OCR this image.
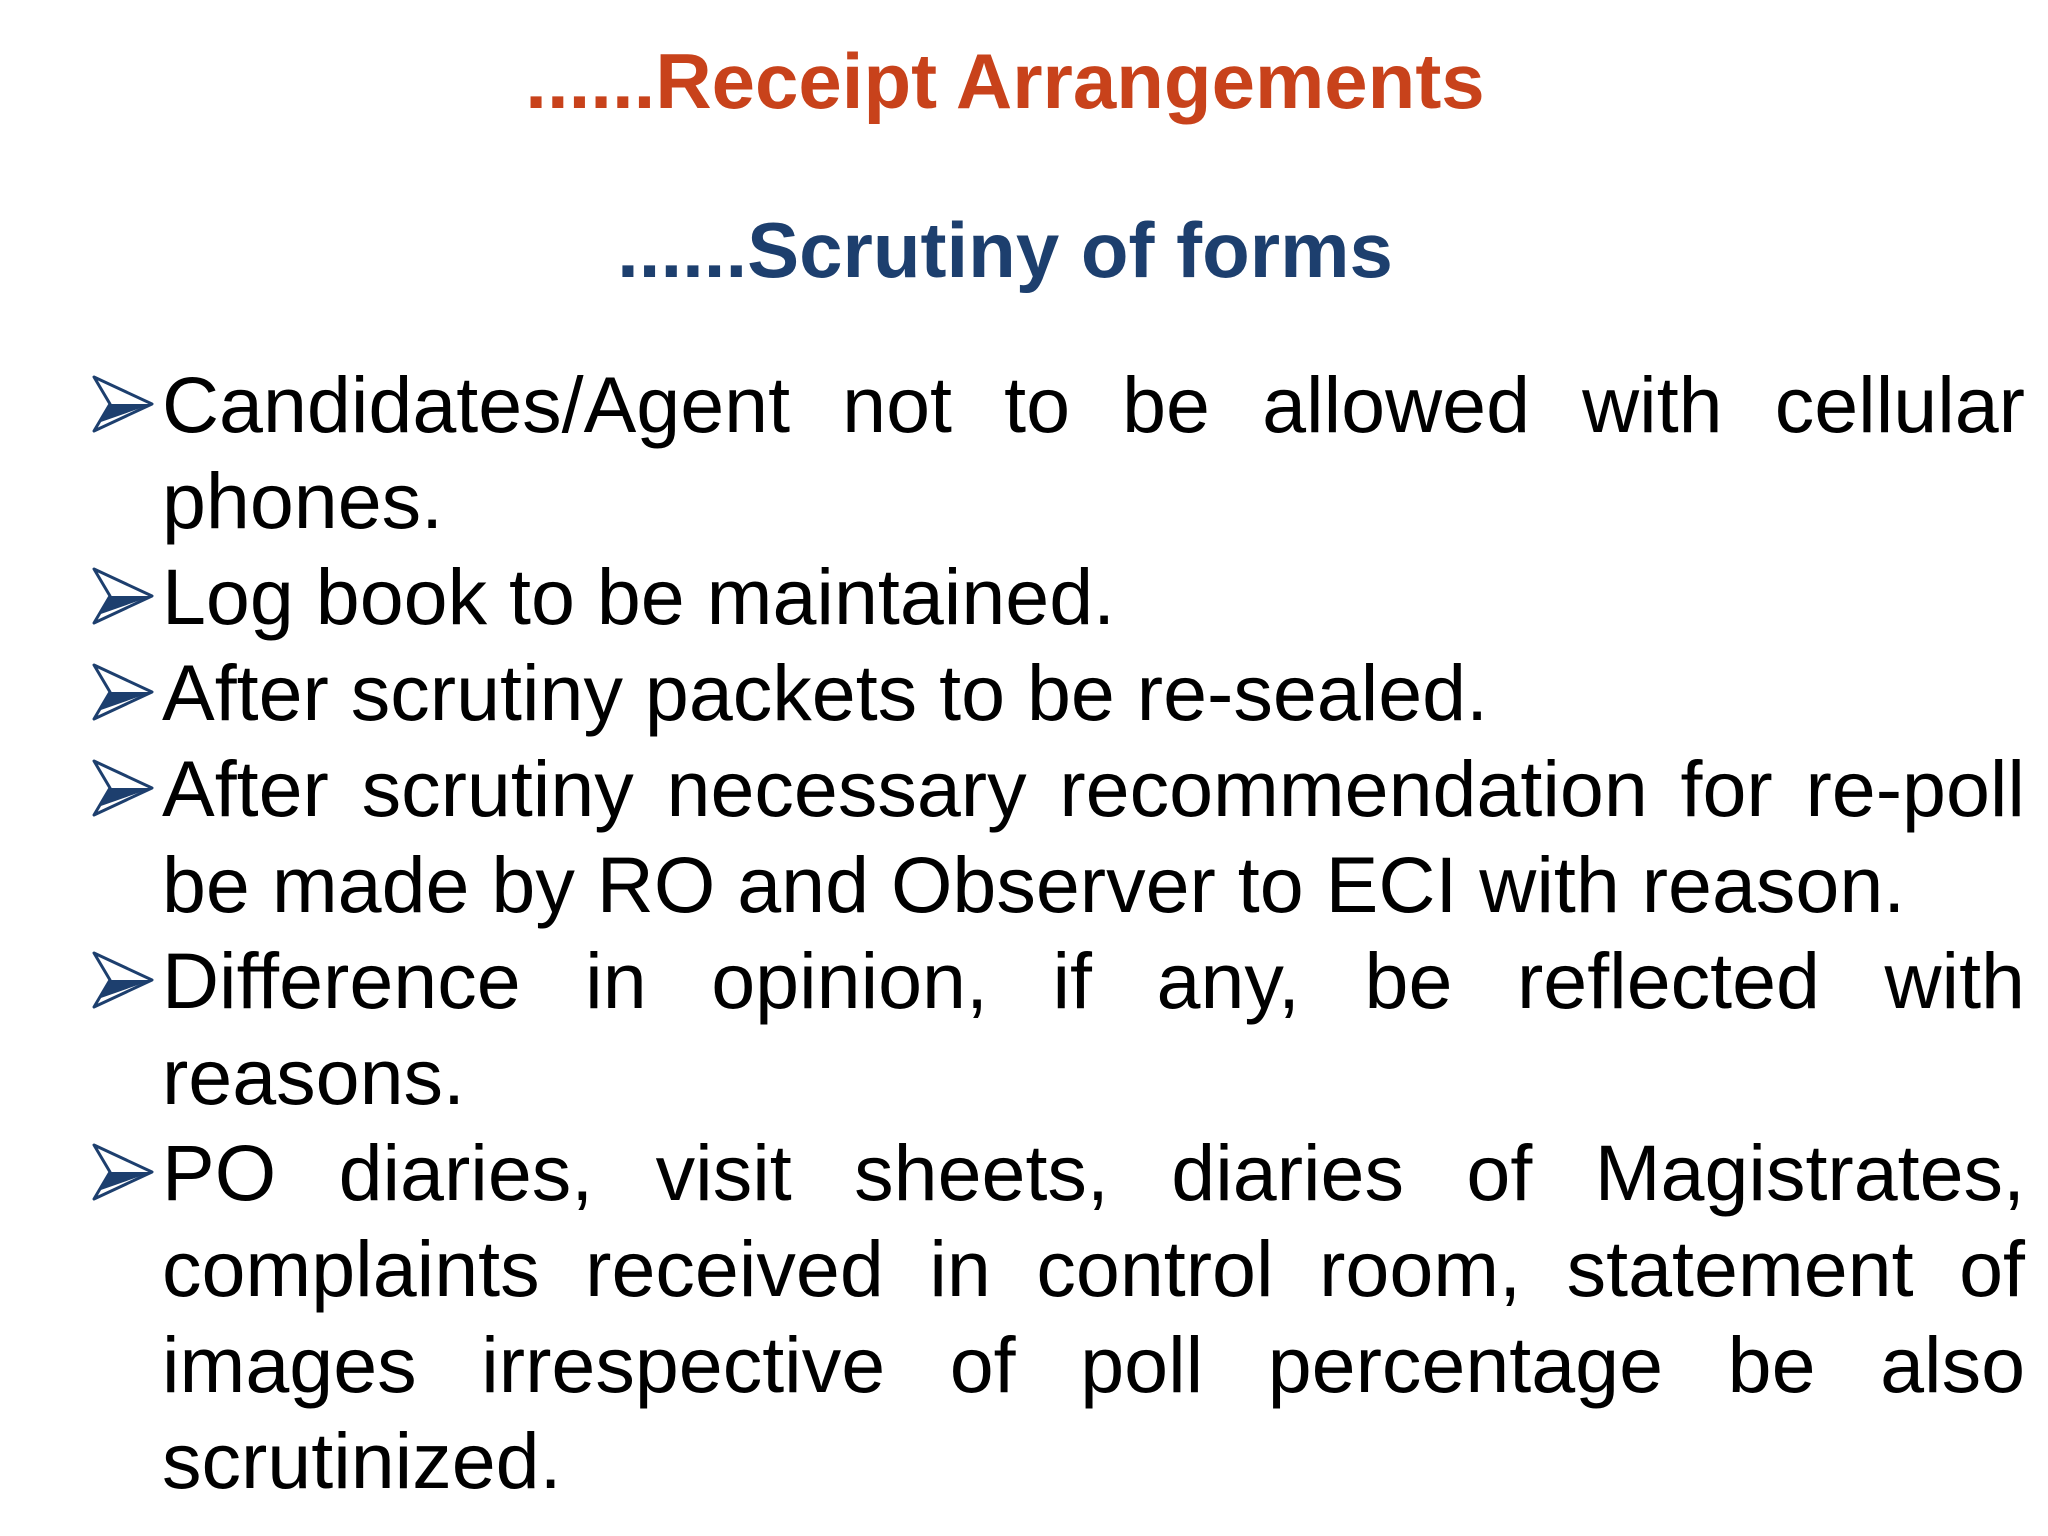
......Receipt Arrangements
......Scrutiny of forms
Candidates/Agent not to be allowed with cellular phones.
Log book to be maintained.
After scrutiny packets to be re-sealed.
After scrutiny necessary recommendation for re-poll be made by RO and Observer to ECI with reason.
Difference in opinion, if any, be reflected with reasons.
PO diaries, visit sheets, diaries of Magistrates, complaints received in control room, statement of images irrespective of poll percentage be also scrutinized.
